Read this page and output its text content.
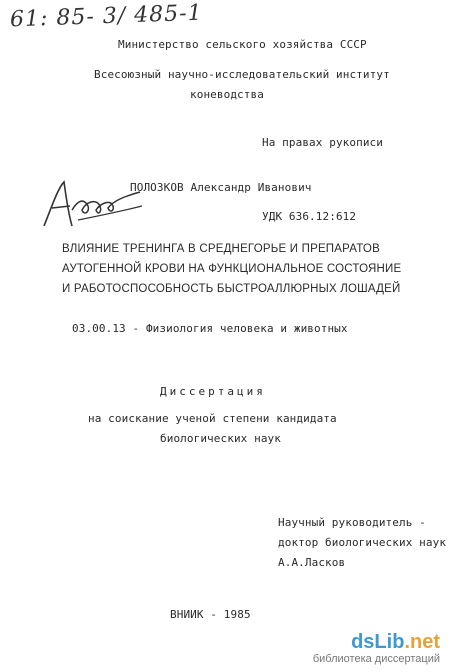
61: 85- 3/ 485-1
Министерство сельского хозяйства СССР
Всесоюзный научно-исследовательский институт
коневодства
На правах рукописи
ПОЛОЗКОВ Александр Иванович
УДК 636.12:612
ВЛИЯНИЕ ТРЕНИНГА В СРЕДНЕГОРЬЕ И ПРЕПАРАТОВ
АУТОГЕННОЙ КРОВИ НА ФУНКЦИОНАЛЬНОЕ СОСТОЯНИЕ
И РАБОТОСПОСОБНОСТЬ БЫСТРОАЛЛЮРНЫХ ЛОШАДЕЙ
03.00.13 - Физиология человека и животных
Диссертация
на соискание ученой степени кандидата
биологических наук
Научный руководитель -
доктор биологических наук
А.А.Ласков
ВНИИК - 1985
dsLib.net
библиотека диссертаций
